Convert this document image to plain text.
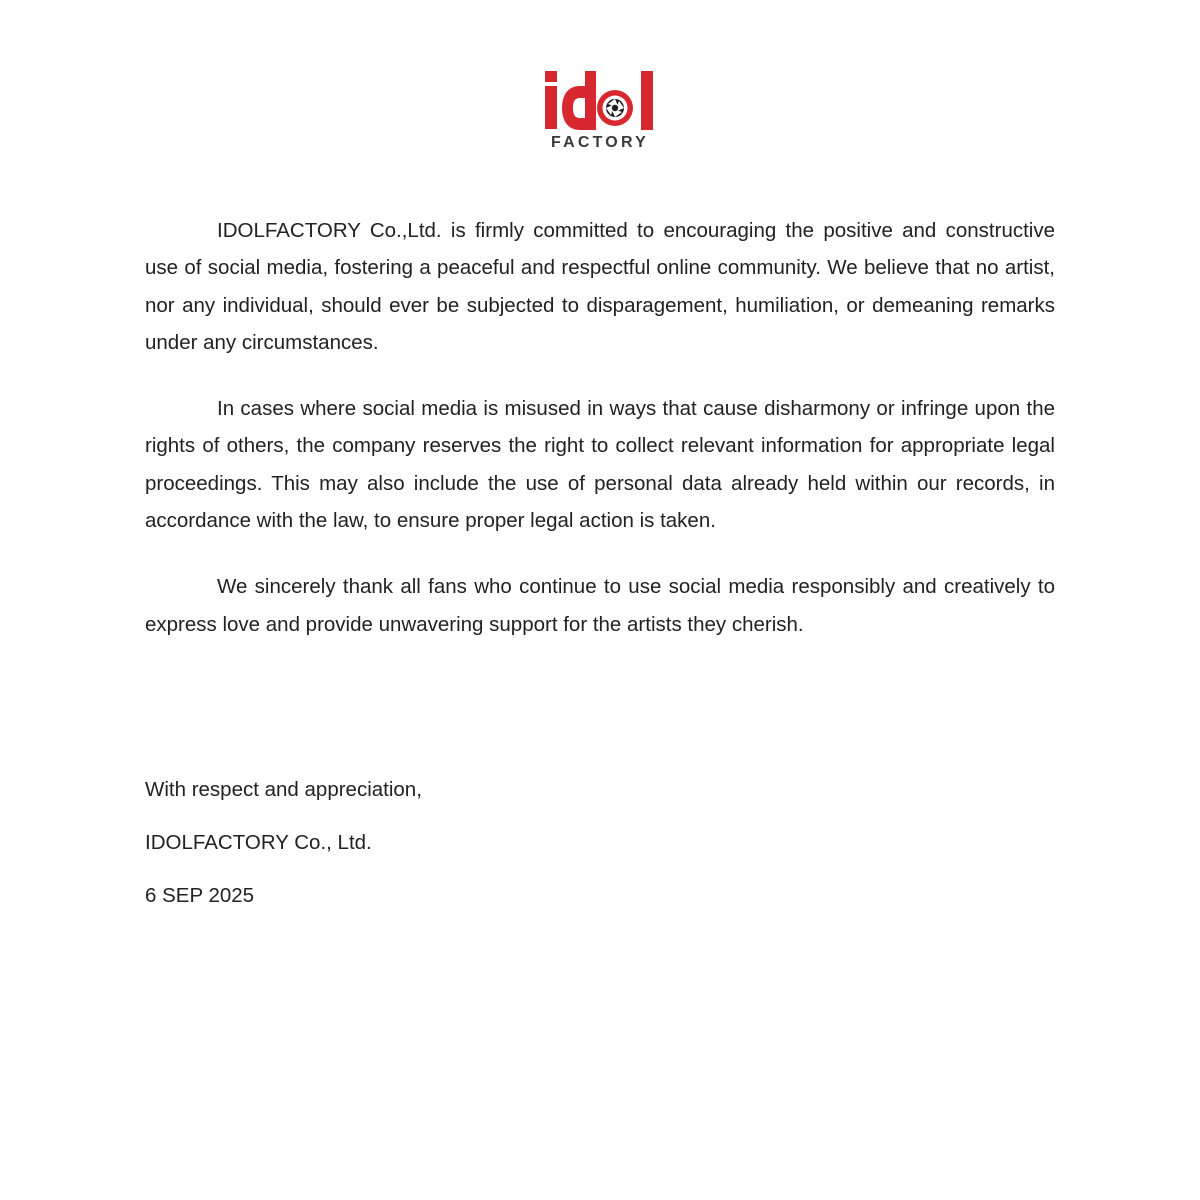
FACTORY

IDOLFACTORY Co.,Ltd. is firmly committed to encouraging the positive and constructive use of social media, fostering a peaceful and respectful online community. We believe that no artist, nor any individual, should ever be subjected to disparagement, humiliation, or demeaning remarks under any circumstances.

In cases where social media is misused in ways that cause disharmony or infringe upon the rights of others, the company reserves the right to collect relevant information for appropriate legal proceedings. This may also include the use of personal data already held within our records, in accordance with the law, to ensure proper legal action is taken.

We sincerely thank all fans who continue to use social media responsibly and creatively to express love and provide unwavering support for the artists they cherish.

With respect and appreciation,
IDOLFACTORY Co., Ltd.
6 SEP 2025
